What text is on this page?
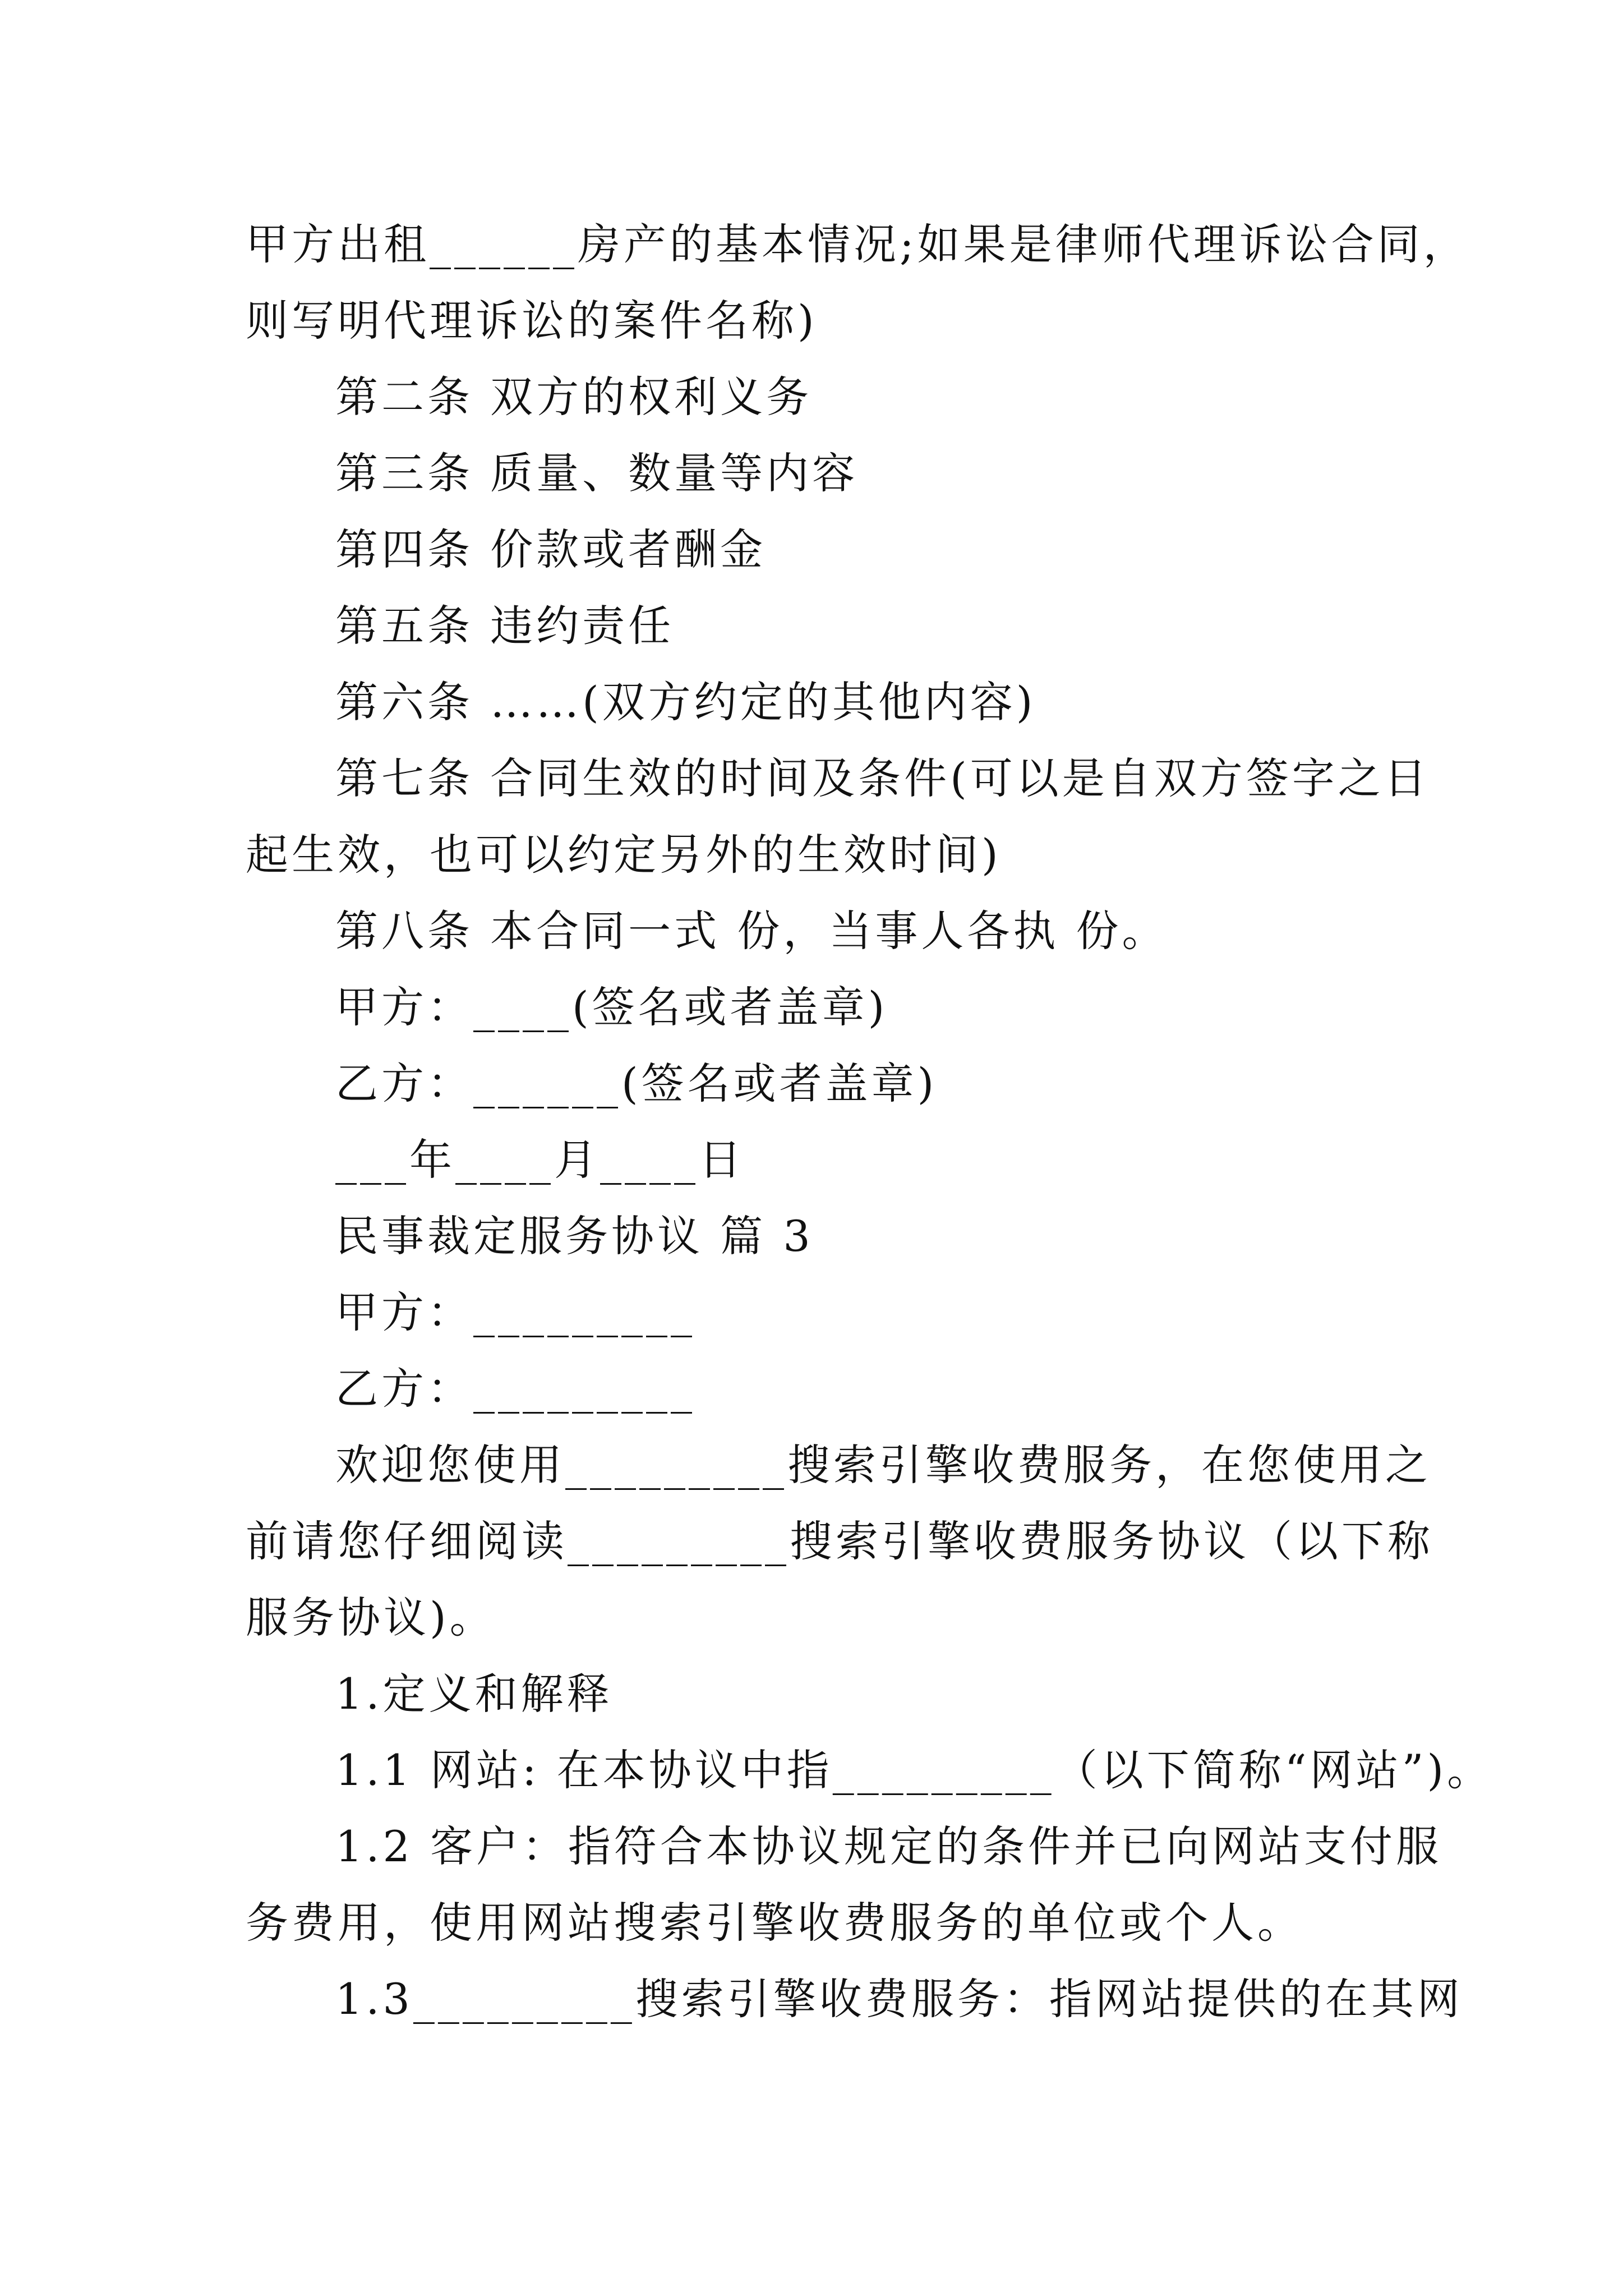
甲方出租______房产的基本情况;如果是律师代理诉讼合同，
则写明代理诉讼的案件名称)
第二条 双方的权利义务
第三条 质量、数量等内容
第四条 价款或者酬金
第五条 违约责任
第六条 ……(双方约定的其他内容)
第七条 合同生效的时间及条件(可以是自双方签字之日
起生效，也可以约定另外的生效时间)
第八条 本合同一式 份，当事人各执 份。
甲方：____(签名或者盖章)
乙方：______(签名或者盖章)
___年____月____日
民事裁定服务协议 篇 3
甲方：_________
乙方：_________
欢迎您使用_________搜索引擎收费服务，在您使用之
前请您仔细阅读_________搜索引擎收费服务协议（以下称
服务协议)。
1.定义和解释
1.1 网站: 在本协议中指_________（以下简称“网站”)。
1.2 客户：指符合本协议规定的条件并已向网站支付服
务费用，使用网站搜索引擎收费服务的单位或个人。
1.3_________搜索引擎收费服务：指网站提供的在其网
